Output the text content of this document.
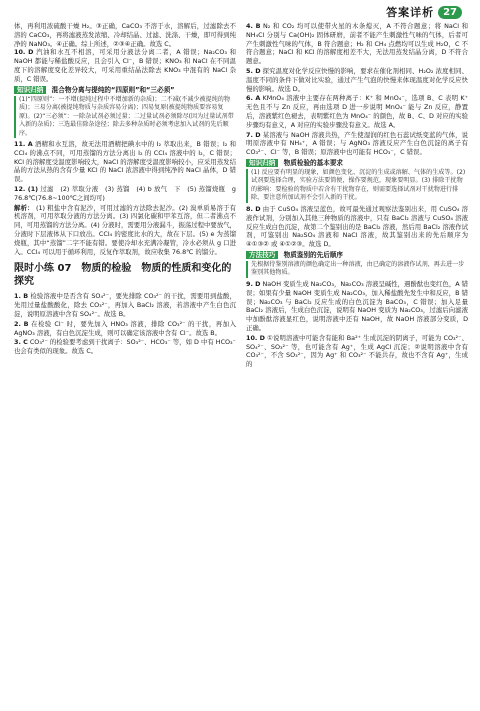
答案详析 27

体，再利用浓硫酸干燥 H₂。③正确，CaCO₃ 不溶于水，溶解后，过滤除去不溶的 CaCO₃，再将滤液蒸发浓缩、冷却结晶、过滤、洗涤、干燥，即可得到纯净的 NaNO₃。④正确。综上所述，②③④正确。故选 C。

10. D 汽油和水互不相溶，可采用分液法分离二者，A 错误；Na₂CO₃ 和 NaOH 都能与稀盐酸反应，且会引入 Cl⁻，B 错误；KNO₃ 和 NaCl 在不同温度下的溶解度变化差异较大，可采用重结晶法除去 KNO₃ 中混有的 NaCl 杂质，C 错误。
知识归纳 混合物分离与提纯的“四原则”和“三必须”
(1)“四原则”：一不增(提纯过程中不增加新的杂质)；二不减(不减少被提纯的物质)；三易分离(被提纯物质与杂质容易分离)；四易复原(被提纯物质要容易复原)。(2)“三必须”：一除杂试剂必须过量；二过量试剂必须除尽(因为过量试剂带入新的杂质)；三选最佳除杂途径；除去多种杂质时必须考虑加入试剂的先后顺序。
11. A 酒精和水互溶，故无法用酒精把碘水中的 I₂ 萃取出来，B 错误；I₂ 和 CCl₄ 的沸点不同，可用蒸馏的方法分离出 I₂ 的 CCl₄ 溶液中的 I₂，C 错误；KCl 的溶解度受温度影响较大，NaCl 的溶解度受温度影响较小，应采用蒸发结晶的方法从热的含有少量 KCl 的 NaCl 浓溶液中得到纯净的 NaCl 晶体，D 错误。
12. (1) 过滤　(2) 萃取分液　(3) 蒸馏　(4) b 放气　下　(5) 蒸馏烧瓶　g　76.8℃(76.8~100℃之间均可)
解析： (1) 粗盐中含有泥沙，可用过滤的方法除去泥沙。(2) 溴单质易溶于有机溶剂，可用萃取分液的方法分离。(3) 四氯化碳和甲苯互溶，但二者沸点不同，可用蒸馏的方法分离。(4) 分液时，需要用分液漏斗，振荡过程中要放气，分液时下层液体从下口放出。CCl₄ 的密度比水的大，故在下层。(5) e 为蒸馏烧瓶，其中“蒸馏”二字不能有错。要使冷却水充满冷凝管，冷水必须从 g 口进入。CCl₄ 可以用于循环利用，反复作萃取剂，故应收集 76.8℃ 的馏分。
限时小练 07　物质的检验　物质的性质和变化的探究
1. B 检验溶液中是否含有 SO₄²⁻，要先排除 CO₃²⁻ 的干扰，需要用到盐酸，先用过量盐酸酸化，除去 CO₃²⁻，再加入 BaCl₂ 溶液，若溶液中产生白色沉淀，说明原溶液中含有 SO₄²⁻。故选 B。
2. B 在检验 Cl⁻ 时，要先加入 HNO₃ 溶液，排除 CO₃²⁻ 的干扰，再加入 AgNO₃ 溶液，有白色沉淀生成，则可以确定该溶液中含有 Cl⁻。故选 B。
3. C CO₃²⁻ 的检验要考虑到干扰离子：SO₃²⁻、HCO₃⁻ 等，如 D 中有 HCO₃⁻ 也会有类似的现象。故选 C。
4. B N₂ 和 CO₂ 均可以使带火星的木条熄灭，A 不符合题意；将 NaCl 和 NH₄Cl 分别与 Ca(OH)₂ 固体研磨，前者不能产生刺激性气味的气体，后者可产生刺激性气味的气体，B 符合题意；H₂ 和 CH₄ 点燃均可以生成 H₂O，C 不符合题意；NaCl 和 KCl 的溶解度相差不大，无法用蒸发结晶分离，D 不符合题意。
5. D 探究温度对化学反应快慢的影响，要求在催化剂相同、H₂O₂ 浓度相同、温度不同的条件下做对比实验，通过产生气泡的快慢来体现温度对化学反应快慢的影响。故选 D。
6. A KMnO₄ 溶液中主要存在两种离子：K⁺ 和 MnO₄⁻，选项 B、C 表明 K⁺ 无色且不与 Zn 反应，再由选项 D 进一步说明 MnO₄⁻ 能与 Zn 反应，静置后，溶液紫红色褪去，表明紫红色为 MnO₄⁻ 的颜色，故 B、C、D 对应的实验步骤均有意义，A 对应的实验步骤没有意义。故选 A。
7. D 某溶液与 NaOH 溶液共热，产生使湿润的红色石蕊试纸变蓝的气体，说明原溶液中有 NH₄⁺，A 错误；与 AgNO₃ 溶液反应产生白色沉淀的离子有 CO₃²⁻、Cl⁻ 等，B 错误；原溶液中也可能有 HCO₃⁻，C 错误。
知识归纳 物质检验的基本要求
(1) 反应要有明显的现象，如颜色变化、沉淀的生成或溶解、气体的生成等。(2) 试剂要选择合理，实验方法要简便，操作要规范，现象要明显。(3) 排除干扰物的影响：要检验的物质中若含有干扰物存在，则需要选择试剂对干扰物进行排除，要注意所加试剂不会引入新的干扰。
8. D 由于 CuSO₄ 溶液呈蓝色，故可最先通过观察法鉴别出来，用 CuSO₄ 溶液作试剂，分别加入其他三种物质的溶液中，只有 BaCl₂ 溶液与 CuSO₄ 溶液反应生成白色沉淀，故第二个鉴别出的是 BaCl₂ 溶液，然后用 BaCl₂ 溶液作试剂，可鉴别出 Na₂SO₄ 溶液和 NaCl 溶液，故其鉴别出来的先后顺序为 ④①③② 或 ④①②③。故选 D。
方法技巧 物质鉴别的先后顺序
先根据待鉴别溶液的颜色确定出一种溶液，由已确定的溶液作试剂，再去进一步鉴别其他物质。
9. D NaOH 变质生成 Na₂CO₃，Na₂CO₃ 溶液呈碱性，遇酚酞也变红色，A 错误；如果有少量 NaOH 变质生成 Na₂CO₃，加入稀盐酸先发生中和反应，B 错误；Na₂CO₃ 与 BaCl₂ 反应生成的白色沉淀为 BaCO₃，C 错误；加入足量 BaCl₂ 溶液后，生成白色沉淀，说明有 NaOH 变质为 Na₂CO₃，过滤后向滤液中加酚酞溶液显红色，说明溶液中还有 NaOH，故 NaOH 溶液部分变质，D 正确。
10. D ①说明溶液中可能含有能和 Ba²⁺ 生成沉淀的阴离子，可能为 CO₃²⁻、SO₄²⁻、SO₃²⁻ 等，也可能含有 Ag⁺，生成 AgCl 沉淀；②说明溶液中含有 CO₃²⁻，不含 SO₃²⁻，因为 Ag⁺ 和 CO₃²⁻ 不能共存，故也不含有 Ag⁺，生成的
